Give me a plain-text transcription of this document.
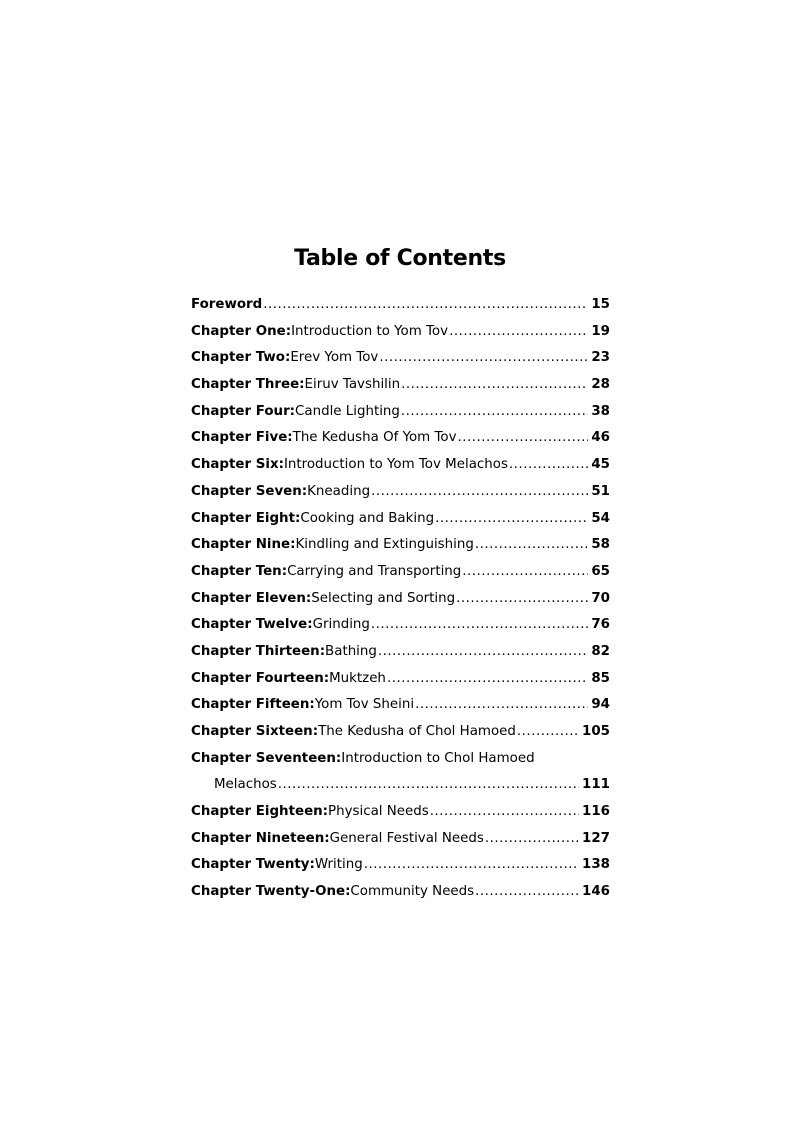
Table of Contents
Foreword .....	15
Chapter One: Introduction to Yom Tov .....	19
Chapter Two: Erev Yom Tov .....	23
Chapter Three: Eiruv Tavshilin .....	28
Chapter Four: Candle Lighting .....	38
Chapter Five: The Kedusha Of Yom Tov .....	46
Chapter Six: Introduction to Yom Tov Melachos .....	45
Chapter Seven: Kneading .....	51
Chapter Eight: Cooking and Baking .....	54
Chapter Nine: Kindling and Extinguishing .....	58
Chapter Ten: Carrying and Transporting .....	65
Chapter Eleven: Selecting and Sorting .....	70
Chapter Twelve: Grinding .....	76
Chapter Thirteen: Bathing .....	82
Chapter Fourteen: Muktzeh .....	85
Chapter Fifteen: Yom Tov Sheini .....	94
Chapter Sixteen: The Kedusha of Chol Hamoed .....	105
Chapter Seventeen: Introduction to Chol Hamoed
Melachos .....	111
Chapter Eighteen: Physical Needs .....	116
Chapter Nineteen: General Festival Needs .....	127
Chapter Twenty: Writing .....	138
Chapter Twenty-One: Community Needs .....	146
